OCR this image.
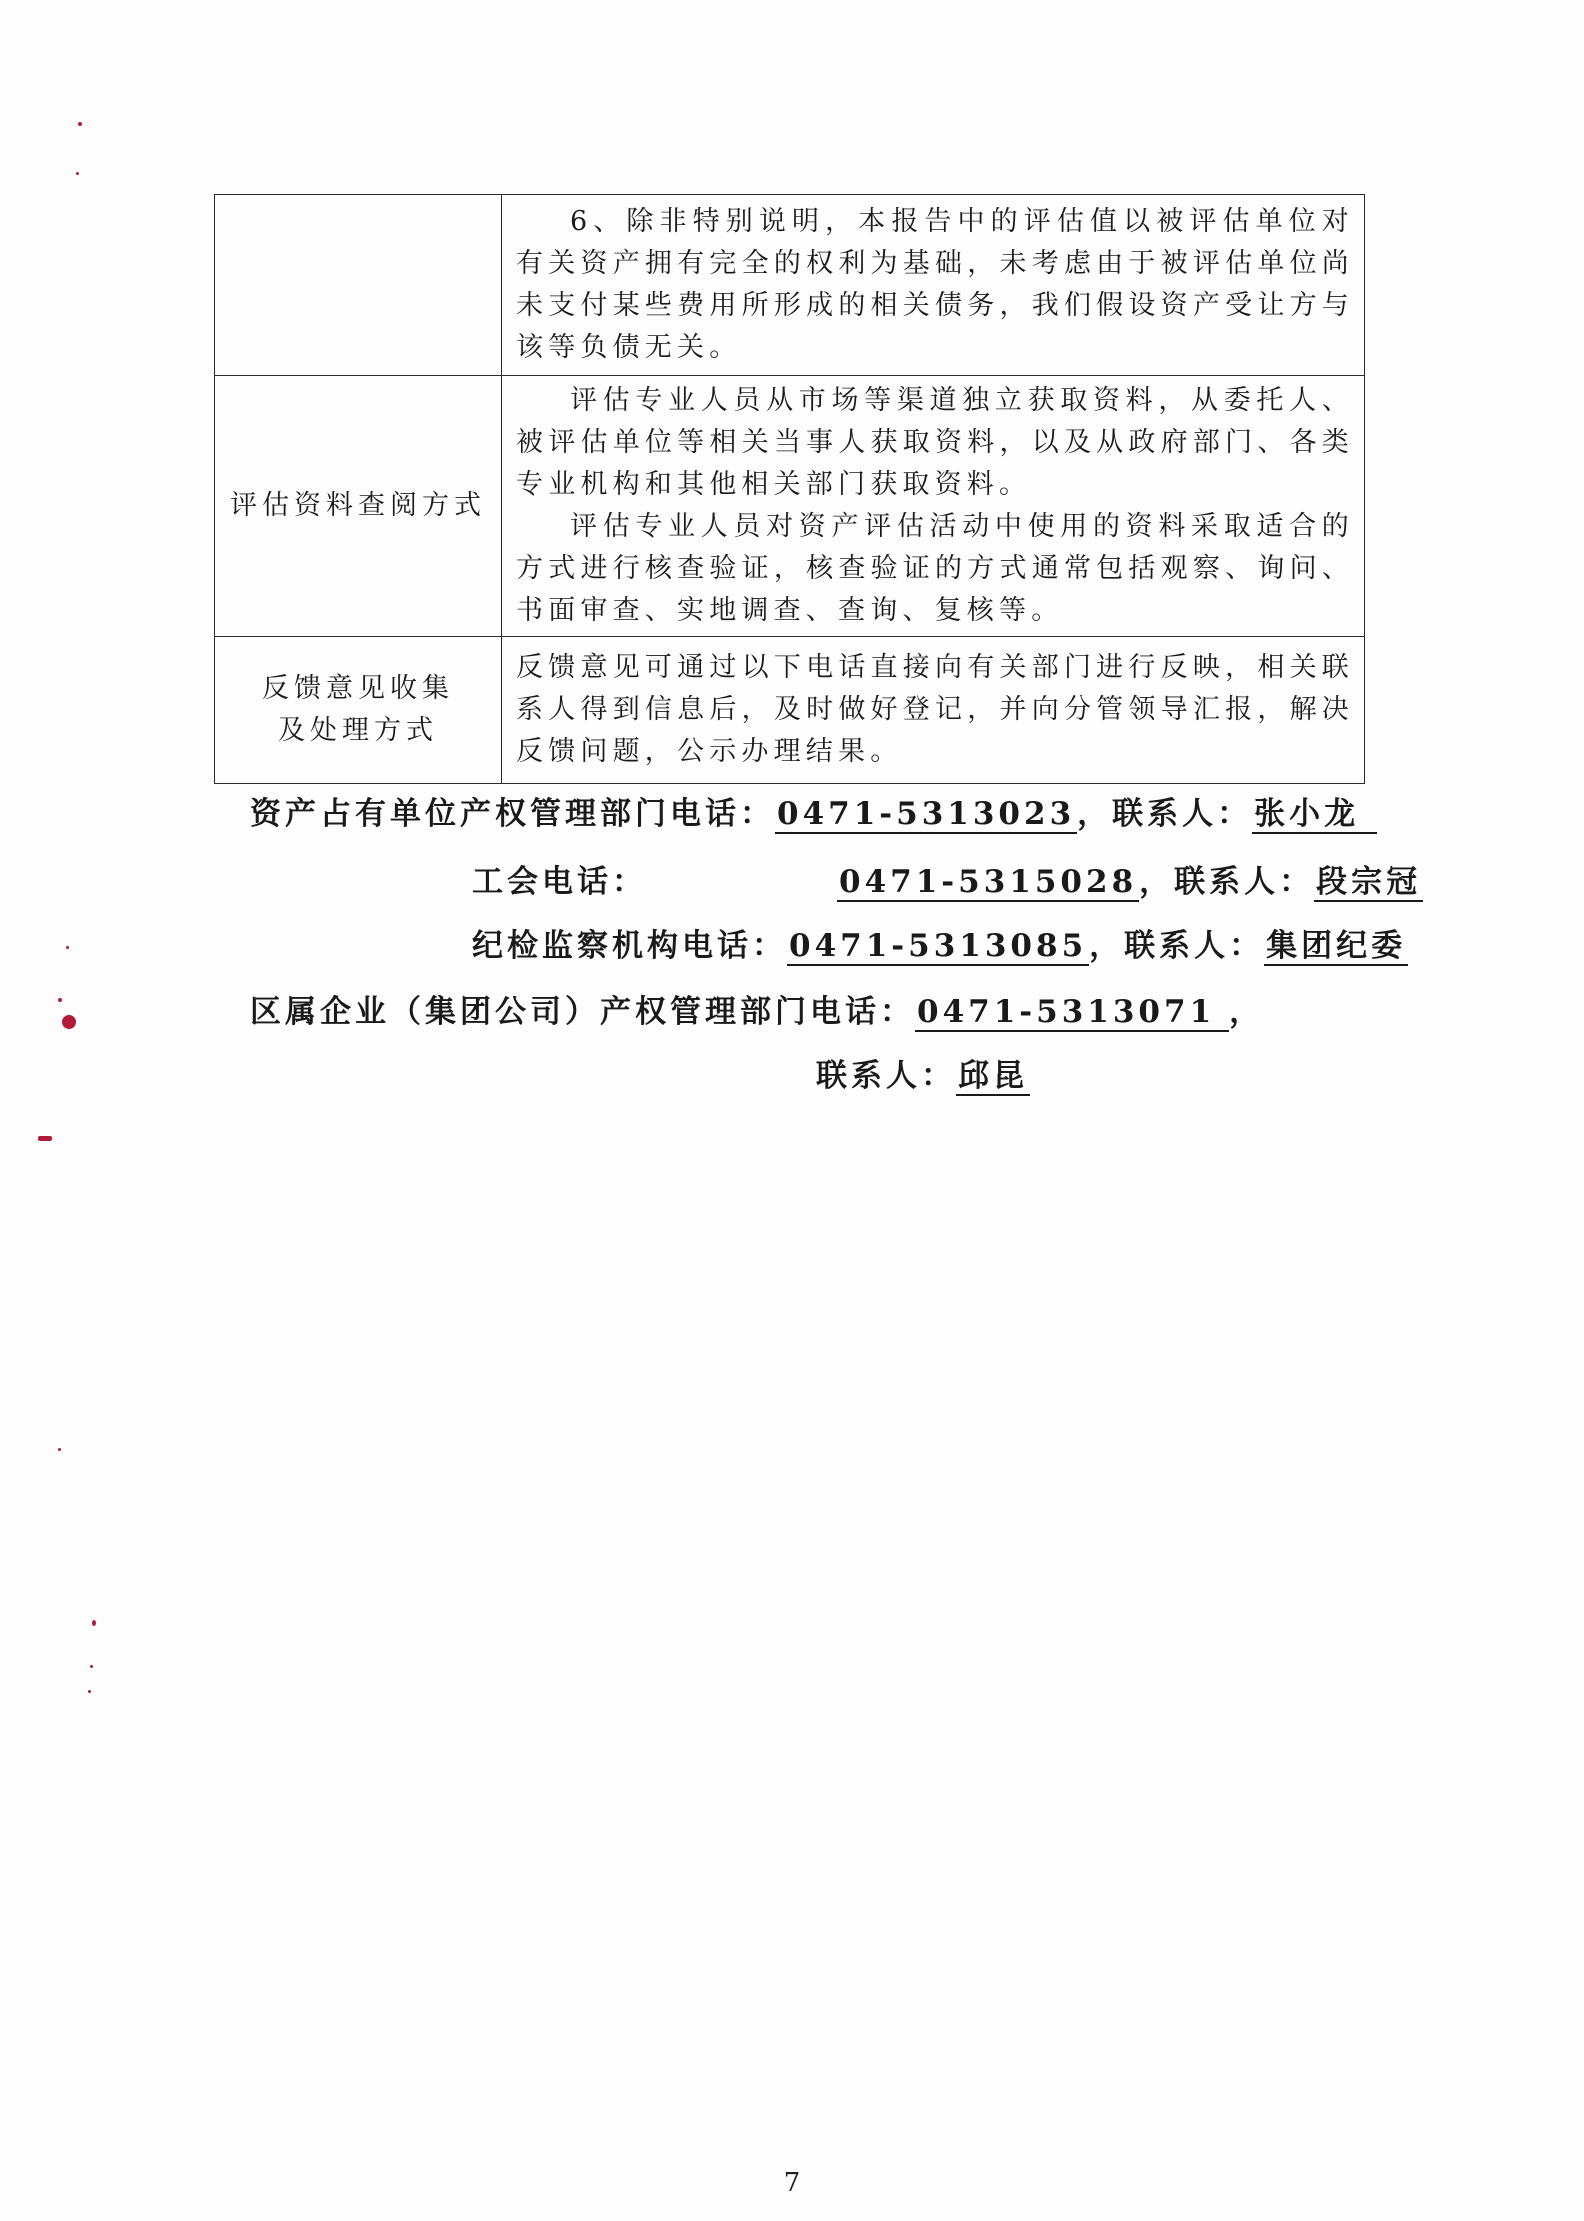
	6、除非特别说明，本报告中的评估值以被评估单位对有关资产拥有完全的权利为基础，未考虑由于被评估单位尚未支付某些费用所形成的相关债务，我们假设资产受让方与该等负债无关。

评估资料查阅方式	评估专业人员从市场等渠道独立获取资料，从委托人、被评估单位等相关当事人获取资料，以及从政府部门、各类专业机构和其他相关部门获取资料。

评估专业人员对资产评估活动中使用的资料采取适合的方式进行核查验证，核查验证的方式通常包括观察、询问、书面审查、实地调查、查询、复核等。

反馈意见收集
及处理方式	反馈意见可通过以下电话直接向有关部门进行反映，相关联系人得到信息后，及时做好登记，并向分管领导汇报，解决反馈问题，公示办理结果。

资产占有单位产权管理部门电话：0471-5313023，联系人：张小龙
工会电话：	0471-5315028，联系人：段宗冠
纪检监察机构电话：0471-5313085，联系人：集团纪委
区属企业（集团公司）产权管理部门电话：0471-5313071 ，
联系人：邱昆
7
